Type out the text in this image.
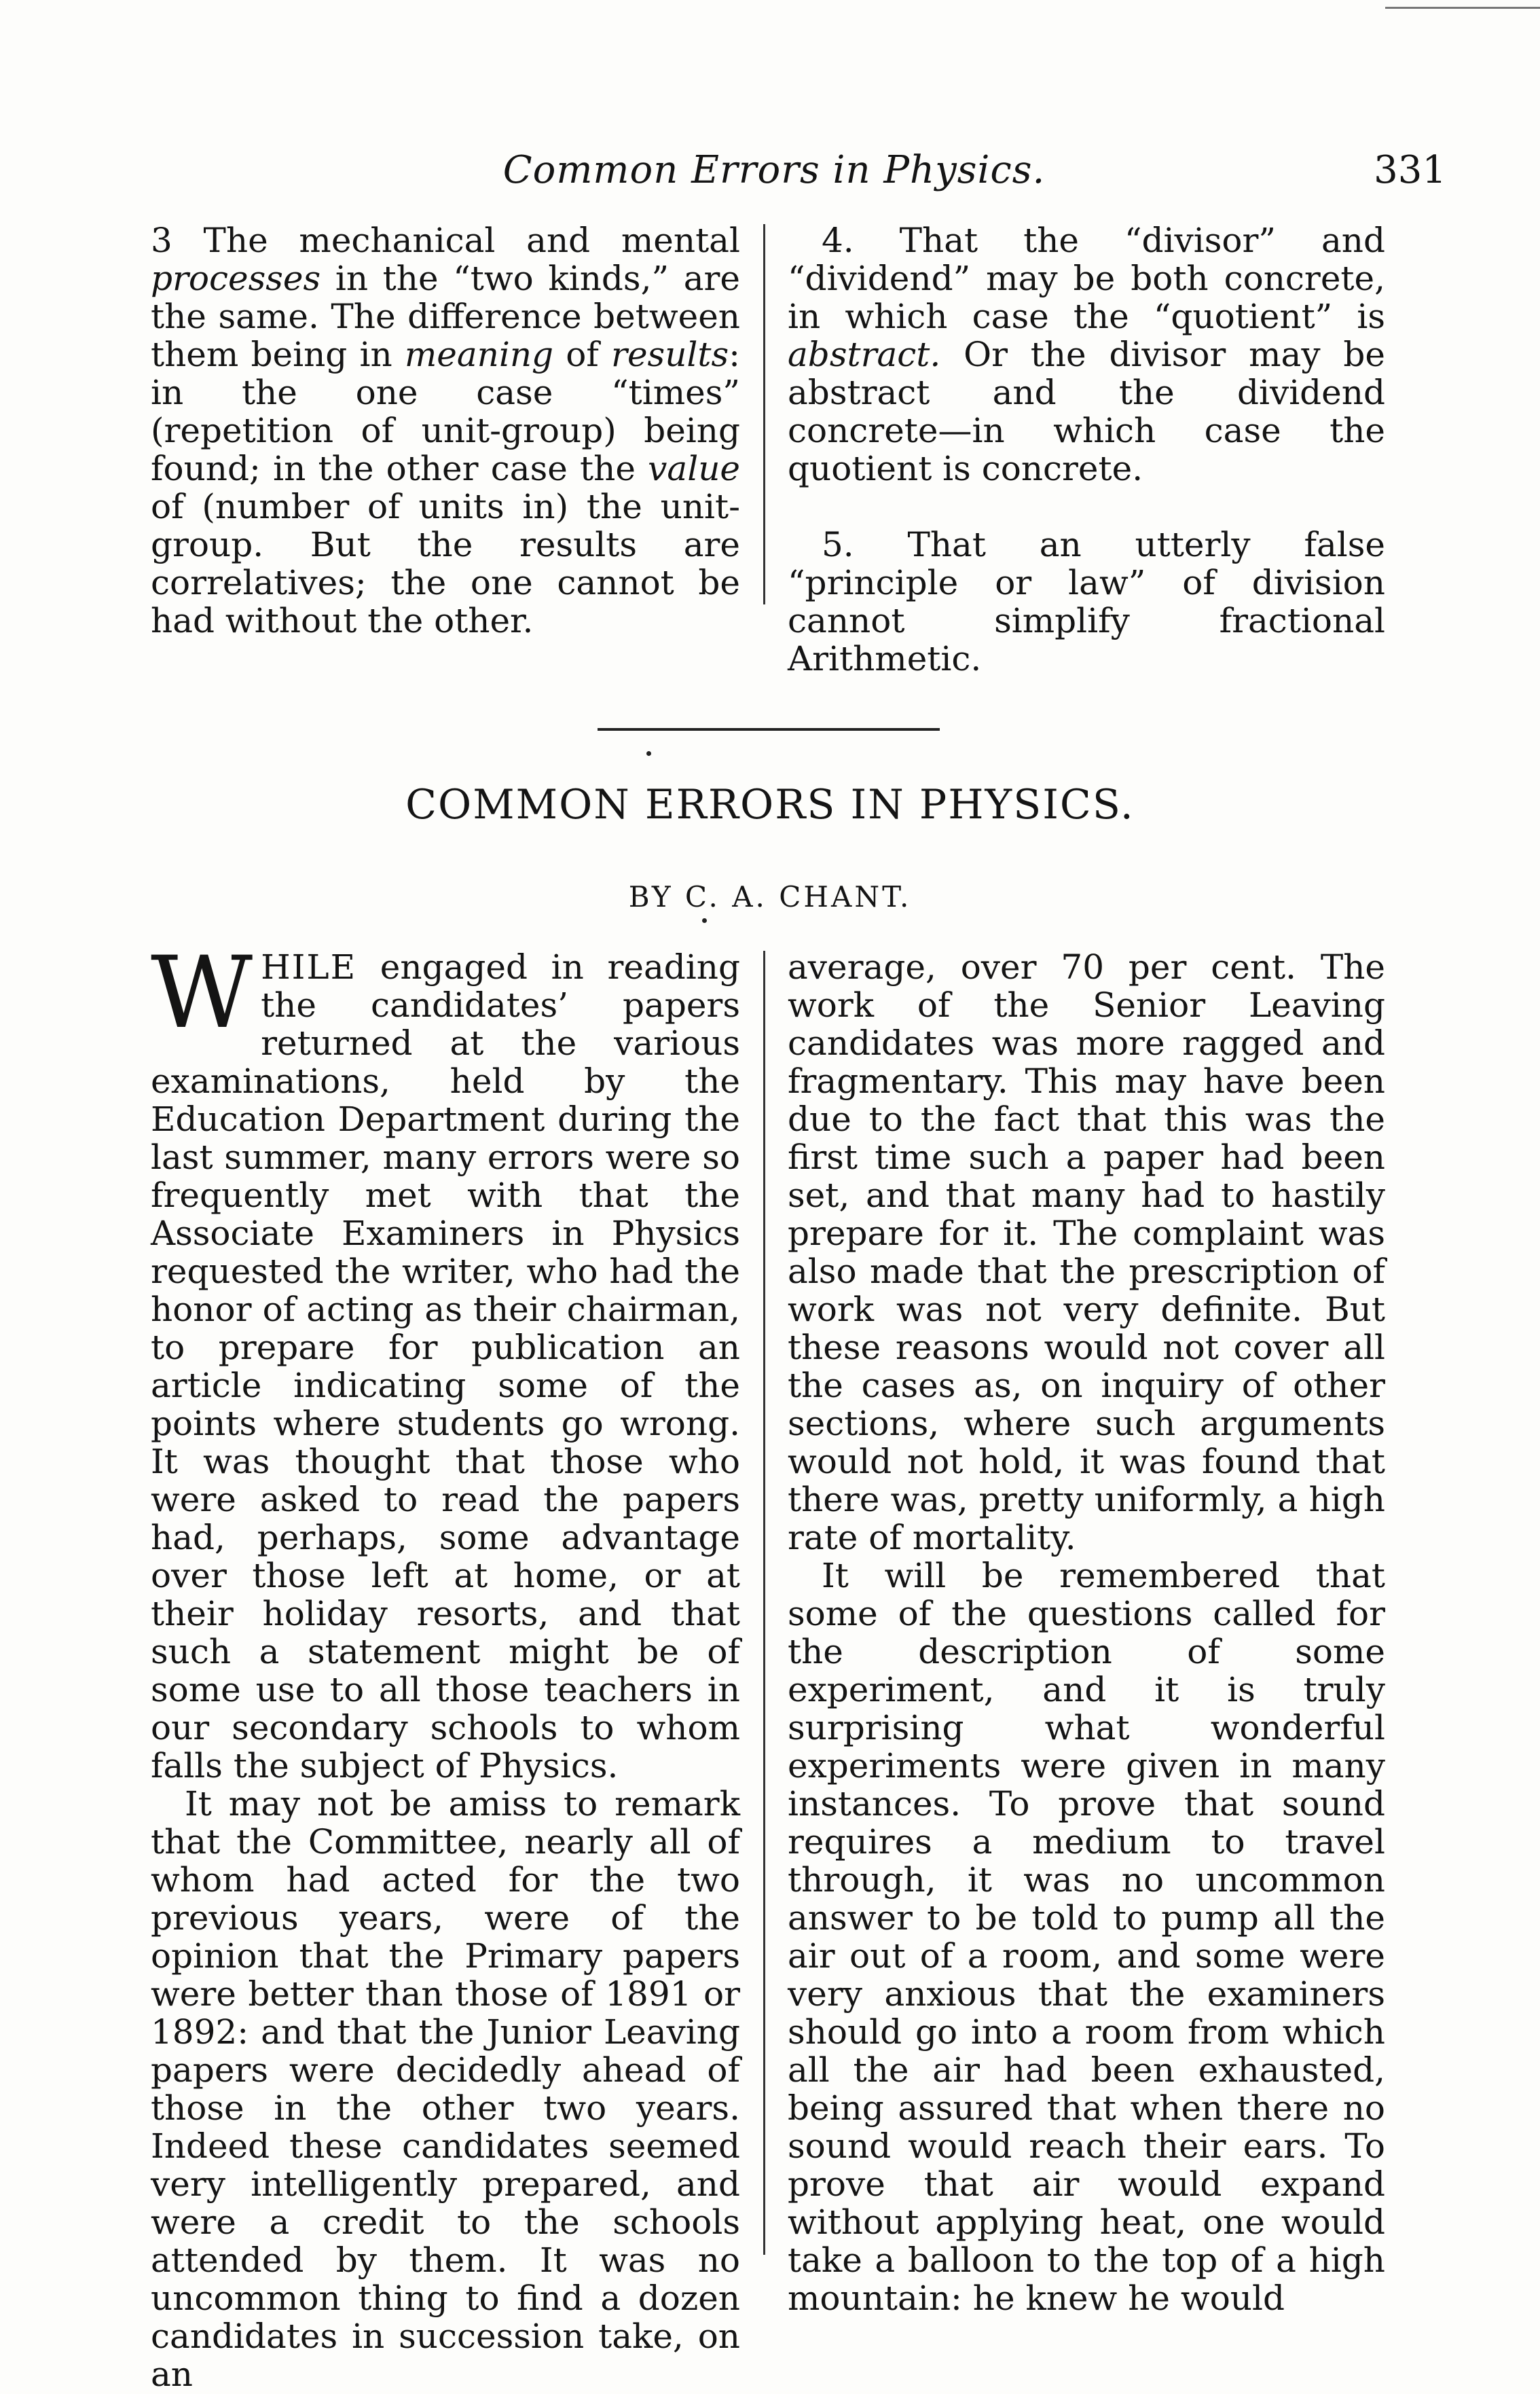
Common Errors in Physics.	331

3 The mechanical and mental processes in the “two kinds,” are the same. The difference between them being in meaning of results: in the one case “times” (repetition of unit-group) being found; in the other case the value of (number of units in) the unit-group. But the results are correlatives; the one cannot be had without the other.

4. That the “divisor” and “dividend” may be both concrete, in which case the “quotient” is abstract. Or the divisor may be abstract and the dividend concrete—in which case the quotient is concrete.

5. That an utterly false “principle or law” of division cannot simplify fractional Arithmetic.

COMMON ERRORS IN PHYSICS.
BY C. A. CHANT.

WHILE engaged in reading the candidates’ papers returned at the various examinations, held by the Education Department during the last summer, many errors were so frequently met with that the Associate Examiners in Physics requested the writer, who had the honor of acting as their chairman, to prepare for publication an article indicating some of the points where students go wrong. It was thought that those who were asked to read the papers had, perhaps, some advantage over those left at home, or at their holiday resorts, and that such a statement might be of some use to all those teachers in our secondary schools to whom falls the subject of Physics.

It may not be amiss to remark that the Committee, nearly all of whom had acted for the two previous years, were of the opinion that the Primary papers were better than those of 1891 or 1892: and that the Junior Leaving papers were decidedly ahead of those in the other two years. Indeed these candidates seemed very intelligently prepared, and were a credit to the schools attended by them. It was no uncommon thing to find a dozen candidates in succession take, on an

average, over 70 per cent. The work of the Senior Leaving candidates was more ragged and fragmentary. This may have been due to the fact that this was the first time such a paper had been set, and that many had to hastily prepare for it. The complaint was also made that the prescription of work was not very definite. But these reasons would not cover all the cases as, on inquiry of other sections, where such arguments would not hold, it was found that there was, pretty uniformly, a high rate of mortality.

It will be remembered that some of the questions called for the description of some experiment, and it is truly surprising what wonderful experiments were given in many instances. To prove that sound requires a medium to travel through, it was no uncommon answer to be told to pump all the air out of a room, and some were very anxious that the examiners should go into a room from which all the air had been exhausted, being assured that when there no sound would reach their ears. To prove that air would expand without applying heat, one would take a balloon to the top of a high mountain: he knew he would
